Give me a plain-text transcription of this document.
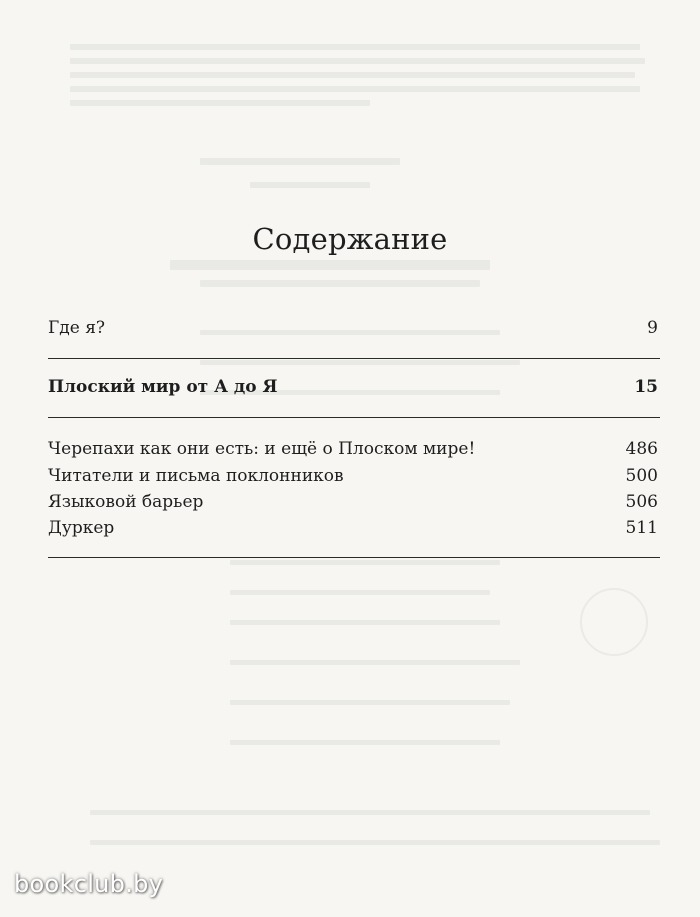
Содержание
Где я?	9
Плоский мир от А до Я	15
Черепахи как они есть: и ещё о Плоском мире!	486
Читатели и письма поклонников	500
Языковой барьер	506
Дуркер	511
bookclub.by
